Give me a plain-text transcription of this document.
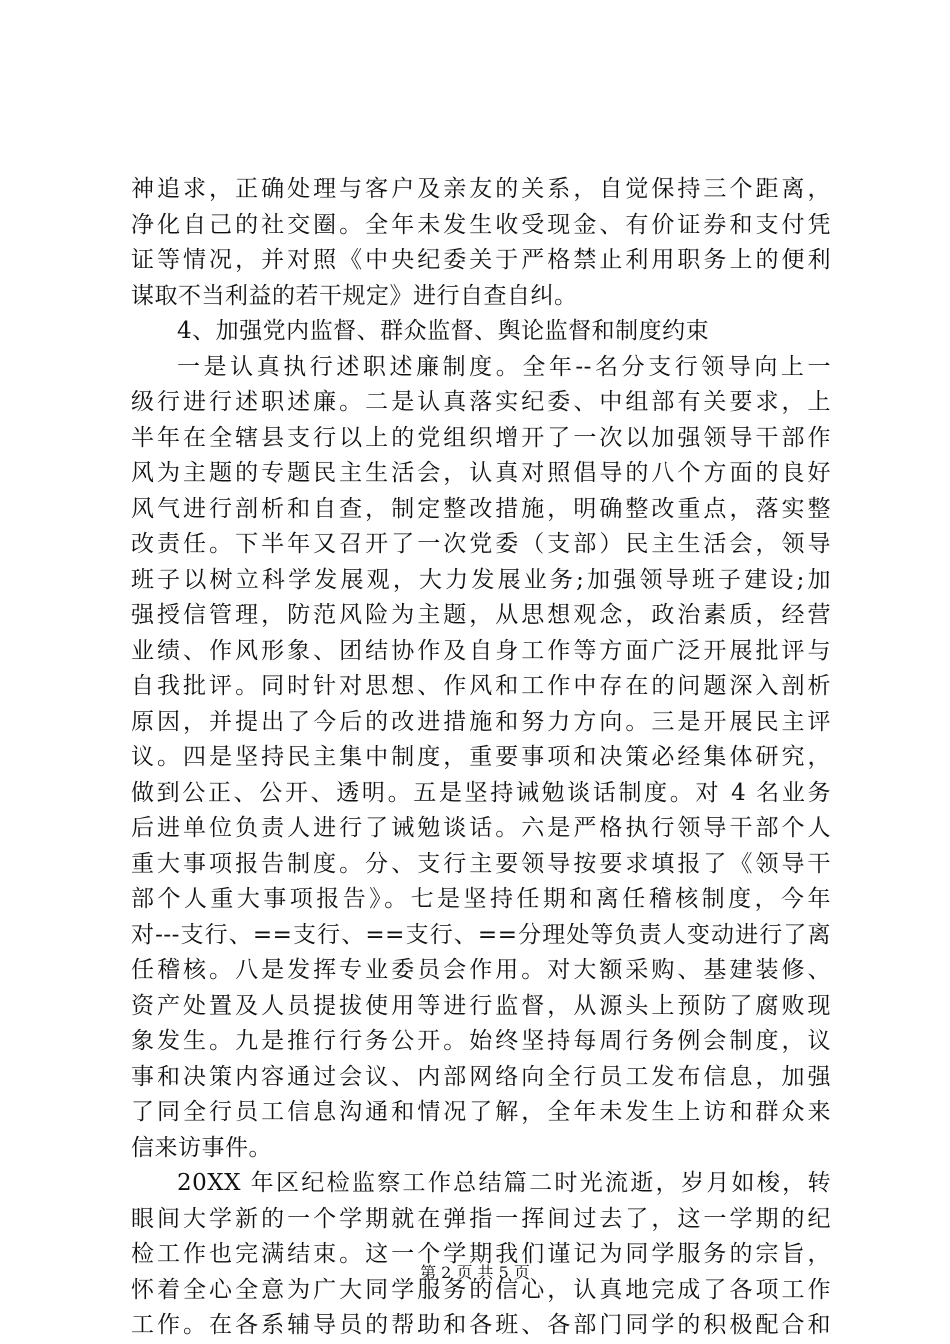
神追求，正确处理与客户及亲友的关系，自觉保持三个距离，
净化自己的社交圈。全年未发生收受现金、有价证券和支付凭
证等情况，并对照《中央纪委关于严格禁止利用职务上的便利
谋取不当利益的若干规定》进行自查自纠。
4、加强党内监督、群众监督、舆论监督和制度约束
一是认真执行述职述廉制度。全年--名分支行领导向上一
级行进行述职述廉。二是认真落实纪委、中组部有关要求，上
半年在全辖县支行以上的党组织增开了一次以加强领导干部作
风为主题的专题民主生活会，认真对照倡导的八个方面的良好
风气进行剖析和自查，制定整改措施，明确整改重点，落实整
改责任。下半年又召开了一次党委（支部）民主生活会，领导
班子以树立科学发展观，大力发展业务;加强领导班子建设;加
强授信管理，防范风险为主题，从思想观念，政治素质，经营
业绩、作风形象、团结协作及自身工作等方面广泛开展批评与
自我批评。同时针对思想、作风和工作中存在的问题深入剖析
原因，并提出了今后的改进措施和努力方向。三是开展民主评
议。四是坚持民主集中制度，重要事项和决策必经集体研究，
做到公正、公开、透明。五是坚持诫勉谈话制度。对 4 名业务
后进单位负责人进行了诫勉谈话。六是严格执行领导干部个人
重大事项报告制度。分、支行主要领导按要求填报了《领导干
部个人重大事项报告》。七是坚持任期和离任稽核制度，今年
对---支行、==支行、==支行、==分理处等负责人变动进行了离
任稽核。八是发挥专业委员会作用。对大额采购、基建装修、
资产处置及人员提拔使用等进行监督，从源头上预防了腐败现
象发生。九是推行行务公开。始终坚持每周行务例会制度，议
事和决策内容通过会议、内部网络向全行员工发布信息，加强
了同全行员工信息沟通和情况了解，全年未发生上访和群众来
信来访事件。
20XX 年区纪检监察工作总结篇二时光流逝，岁月如梭，转
眼间大学新的一个学期就在弹指一挥间过去了，这一学期的纪
检工作也完满结束。这一个学期我们谨记为同学服务的宗旨，
怀着全心全意为广大同学服务的信心，认真地完成了各项工作
工作。在各系辅导员的帮助和各班、各部门同学的积极配合和
第 2 页 共 5 页
